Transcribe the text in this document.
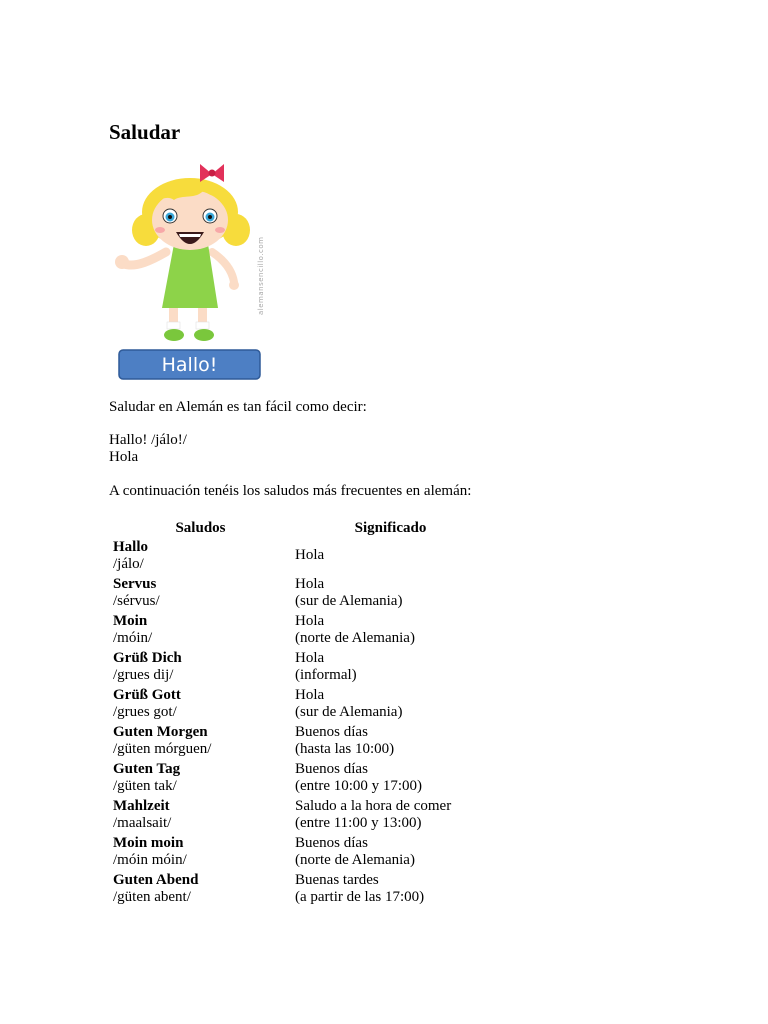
Saludar
Hallo!
alemansencillo.com

Saludar en Alemán es tan fácil como decir:

Hallo! /jálo!/
Hola

A continuación tenéis los saludos más frecuentes en alemán:

Saludos	Significado

Hallo
/jálo/	Hola

Servus
/sérvus/	Hola
(sur de Alemania)

Moin
/móin/	Hola
(norte de Alemania)

Grüß Dich
/grues dij/	Hola
(informal)

Grüß Gott
/grues got/	Hola
(sur de Alemania)

Guten Morgen
/güten mórguen/	Buenos días
(hasta las 10:00)

Guten Tag
/güten tak/	Buenos días
(entre 10:00 y 17:00)

Mahlzeit
/maalsait/	Saludo a la hora de comer
(entre 11:00 y 13:00)

Moin moin
/móin móin/	Buenos días
(norte de Alemania)

Guten Abend
/güten abent/	Buenas tardes
(a partir de las 17:00)
